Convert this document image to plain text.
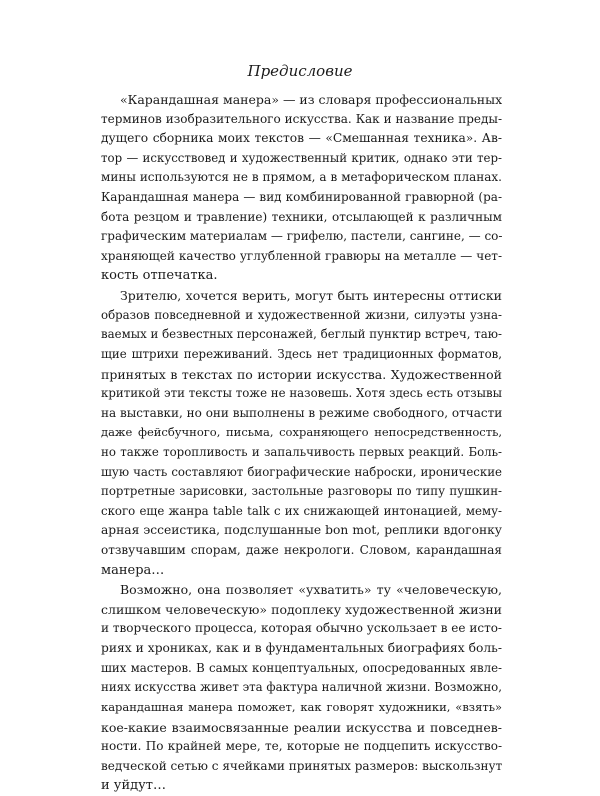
Предисловие
«Карандашная манера» — из словаря профессиональных
терминов изобразительного искусства. Как и название преды-
дущего сборника моих текстов — «Смешанная техника». Ав-
тор — искусствовед и художественный критик, однако эти тер-
мины используются не в прямом, а в метафорическом планах.
Карандашная манера — вид комбинированной гравюрной (ра-
бота резцом и травление) техники, отсылающей к различным
графическим материалам — грифелю, пастели, сангине, — со-
храняющей качество углубленной гравюры на металле — чет-
кость отпечатка.
Зрителю, хочется верить, могут быть интересны оттиски
образов повседневной и художественной жизни, силуэты узна-
ваемых и безвестных персонажей, беглый пунктир встреч, таю-
щие штрихи переживаний. Здесь нет традиционных форматов,
принятых в текстах по истории искусства. Художественной
критикой эти тексты тоже не назовешь. Хотя здесь есть отзывы
на выставки, но они выполнены в режиме свободного, отчасти
даже фейсбучного, письма, сохраняющего непосредственность,
но также торопливость и запальчивость первых реакций. Боль-
шую часть составляют биографические наброски, иронические
портретные зарисовки, застольные разговоры по типу пушкин-
ского еще жанра table talk с их снижающей интонацией, мему-
арная эссеистика, подслушанные bon mot, реплики вдогонку
отзвучавшим спорам, даже некрологи. Словом, карандашная
манера…
Возможно, она позволяет «ухватить» ту «человеческую,
слишком человеческую» подоплеку художественной жизни
и творческого процесса, которая обычно ускользает в ее исто-
риях и хрониках, как и в фундаментальных биографиях боль-
ших мастеров. В самых концептуальных, опосредованных явле-
ниях искусства живет эта фактура наличной жизни. Возможно,
карандашная манера поможет, как говорят художники, «взять»
кое-какие взаимосвязанные реалии искусства и повседнев-
ности. По крайней мере, те, которые не подцепить искусство-
ведческой сетью с ячейками принятых размеров: выскользнут
и уйдут…
